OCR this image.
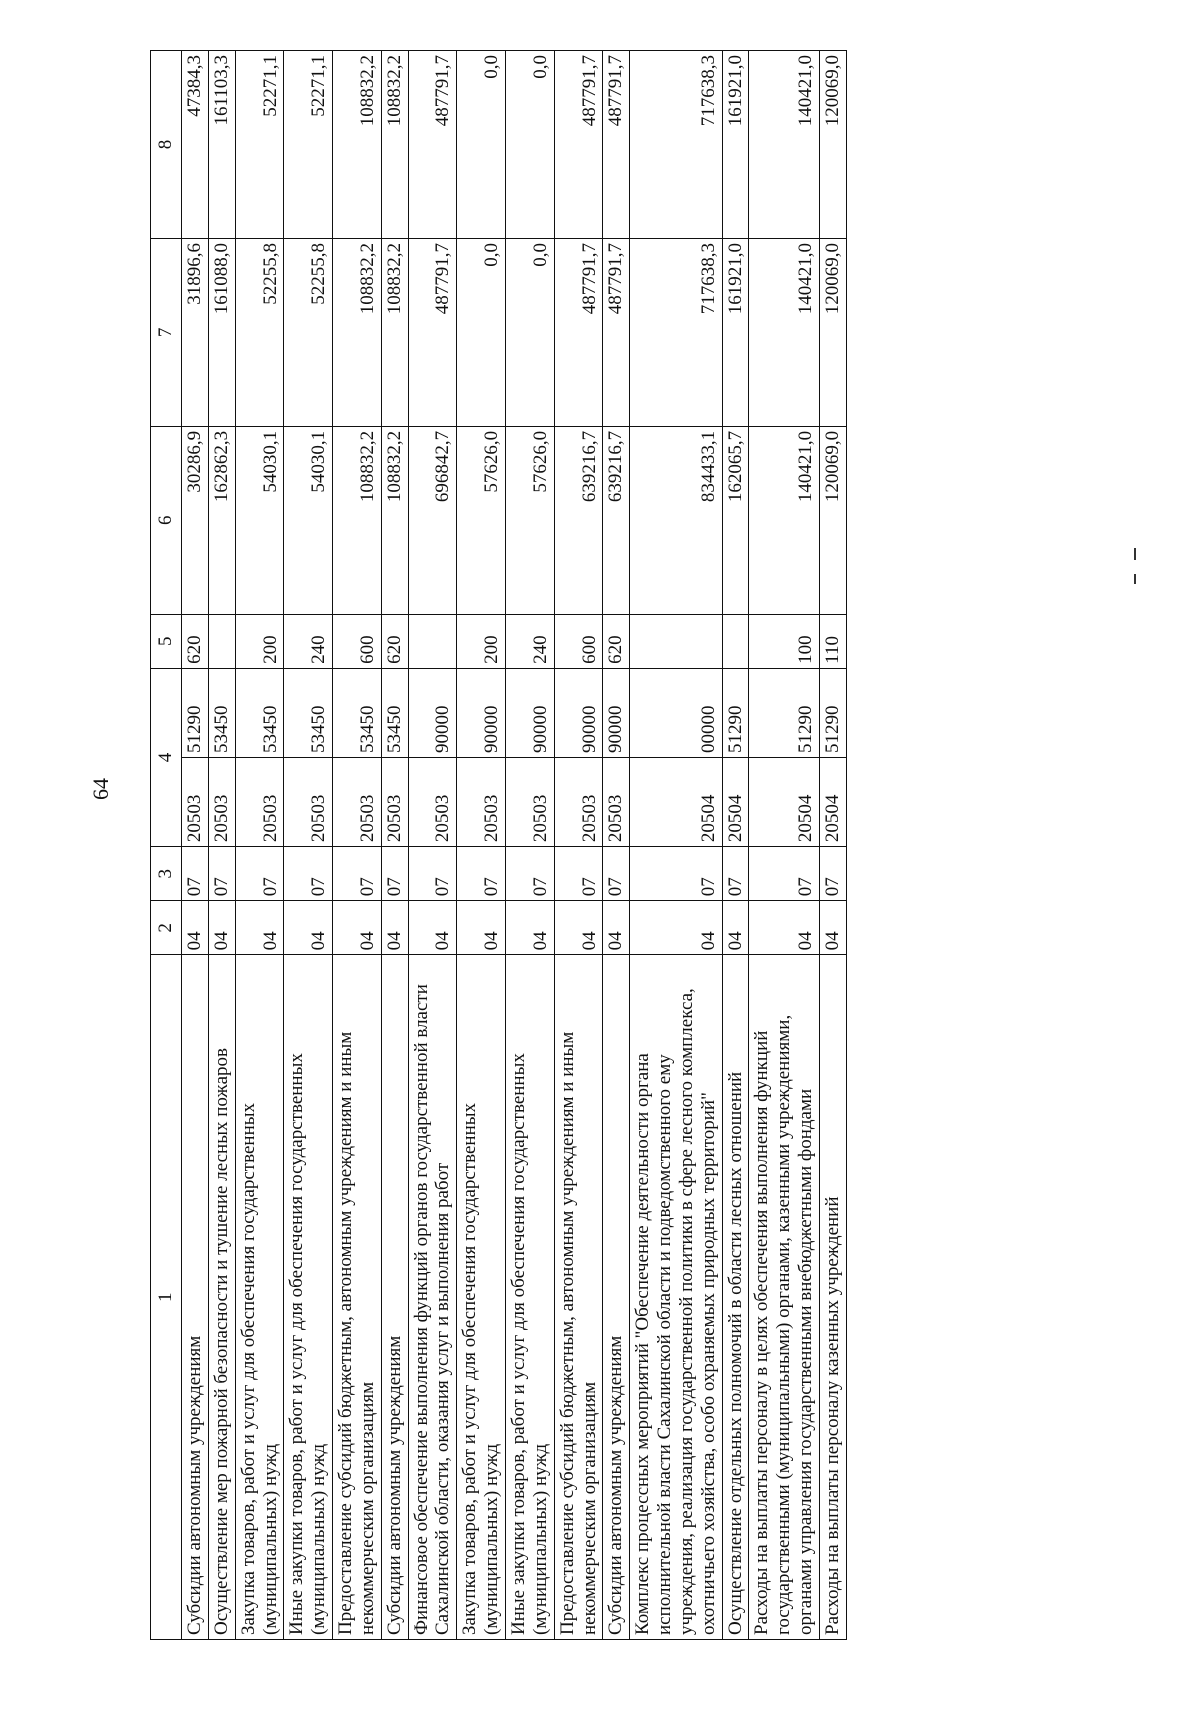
64
1	2	3	4		5	6	7	8
Субсидии автономным учреждениям	04	07	20503	51290	620	30286,9	31896,6	47384,3
Осуществление мер пожарной безопасности и тушение лесных пожаров	04	07	20503	53450		162862,3	161088,0	161103,3
Закупка товаров, работ и услуг для обеспечения государственных (муниципальных) нужд	04	07	20503	53450	200	54030,1	52255,8	52271,1
Иные закупки товаров, работ и услуг для обеспечения государственных (муниципальных) нужд	04	07	20503	53450	240	54030,1	52255,8	52271,1
Предоставление субсидий бюджетным, автономным учреждениям и иным некоммерческим организациям	04	07	20503	53450	600	108832,2	108832,2	108832,2
Субсидии автономным учреждениям	04	07	20503	53450	620	108832,2	108832,2	108832,2
Финансовое обеспечение выполнения функций органов государственной власти Сахалинской области, оказания услуг и выполнения работ	04	07	20503	90000		696842,7	487791,7	487791,7
Закупка товаров, работ и услуг для обеспечения государственных (муниципальных) нужд	04	07	20503	90000	200	57626,0	0,0	0,0
Иные закупки товаров, работ и услуг для обеспечения государственных (муниципальных) нужд	04	07	20503	90000	240	57626,0	0,0	0,0
Предоставление субсидий бюджетным, автономным учреждениям и иным некоммерческим организациям	04	07	20503	90000	600	639216,7	487791,7	487791,7
Субсидии автономным учреждениям	04	07	20503	90000	620	639216,7	487791,7	487791,7
Комплекс процессных мероприятий "Обеспечение деятельности органа исполнительной власти Сахалинской области и подведомственного ему учреждения, реализация государственной политики в сфере лесного комплекса, охотничьего хозяйства, особо охраняемых природных территорий"	04	07	20504	00000		834433,1	717638,3	717638,3
Осуществление отдельных полномочий в области лесных отношений	04	07	20504	51290		162065,7	161921,0	161921,0
Расходы на выплаты персоналу в целях обеспечения выполнения функций государственными (муниципальными) органами, казенными учреждениями, органами управления государственными внебюджетными фондами	04	07	20504	51290	100	140421,0	140421,0	140421,0
Расходы на выплаты персоналу казенных учреждений	04	07	20504	51290	110	120069,0	120069,0	120069,0
